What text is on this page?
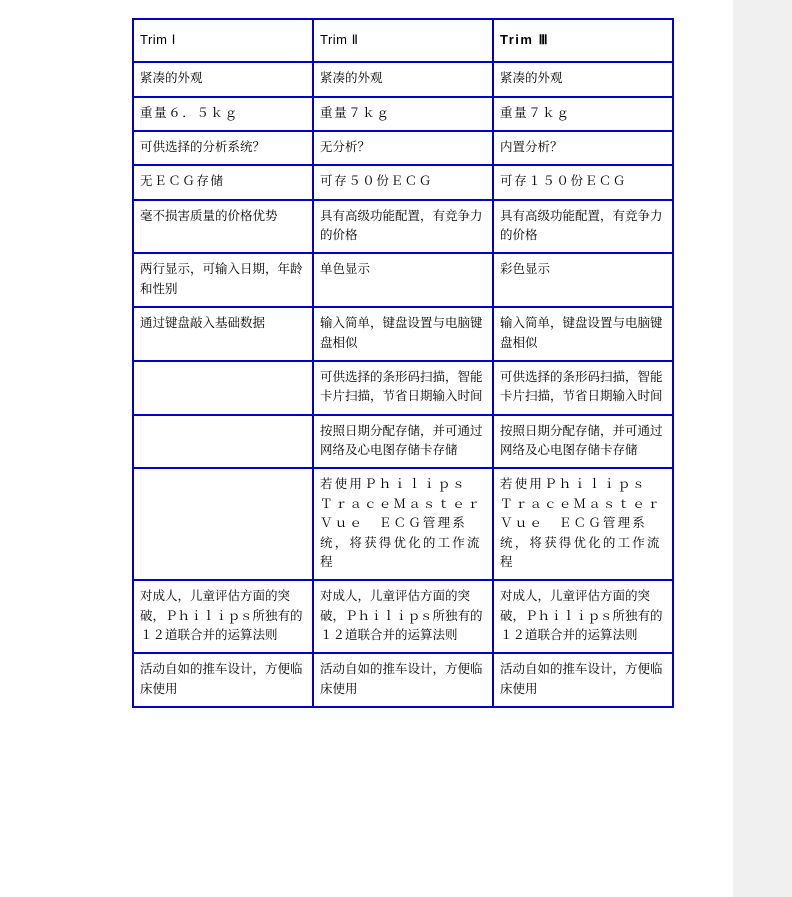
Trim Ⅰ	Trim Ⅱ	Trim Ⅲ
紧凑的外观	紧凑的外观	紧凑的外观
重量６．５ｋｇ	重量７ｋｇ	重量７ｋｇ
可供选择的分析系统？	无分析？	内置分析？
无ＥＣＧ存储	可存５０份ＥＣＧ	可存１５０份ＥＣＧ
毫不损害质量的价格优势	具有高级功能配置，有竞争力的价格	具有高级功能配置，有竞争力的价格
两行显示，可输入日期，年龄和性别	单色显示	彩色显示
通过键盘敲入基础数据	输入简单，键盘设置与电脑键盘相似	输入简单，键盘设置与电脑键盘相似
	可供选择的条形码扫描，智能卡片扫描，节省日期输入时间	可供选择的条形码扫描，智能卡片扫描，节省日期输入时间
	按照日期分配存储，并可通过网络及心电图存储卡存储	按照日期分配存储，并可通过网络及心电图存储卡存储
	若使用Ｐｈｉｌｉｐｓ　ＴｒａｃｅＭａｓｔｅｒＶｕｅ　ＥＣＧ管理系统，将获得优化的工作流程	若使用Ｐｈｉｌｉｐｓ　ＴｒａｃｅＭａｓｔｅｒＶｕｅ　ＥＣＧ管理系统，将获得优化的工作流程
对成人，儿童评估方面的突破，Ｐｈｉｌｉｐｓ所独有的１２道联合并的运算法则	对成人，儿童评估方面的突破，Ｐｈｉｌｉｐｓ所独有的１２道联合并的运算法则	对成人，儿童评估方面的突破，Ｐｈｉｌｉｐｓ所独有的１２道联合并的运算法则
活动自如的推车设计，方便临床使用	活动自如的推车设计，方便临床使用	活动自如的推车设计，方便临床使用
